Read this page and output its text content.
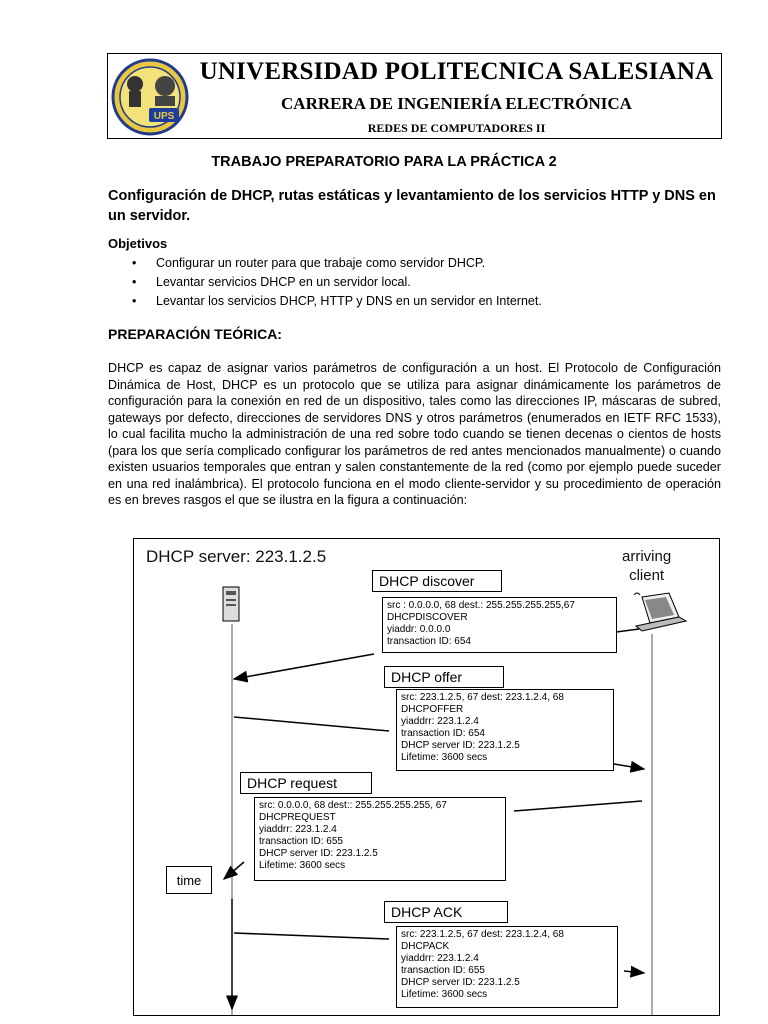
UPS
UNIVERSIDAD POLITECNICA SALESIANA
CARRERA DE INGENIERÍA ELECTRÓNICA
REDES DE COMPUTADORES II
TRABAJO PREPARATORIO PARA LA PRÁCTICA 2
Configuración de DHCP, rutas estáticas y levantamiento de los servicios HTTP y DNS en un servidor.
Objetivos
• Configurar un router para que trabaje como servidor DHCP.
• Levantar servicios DHCP en un servidor local.
• Levantar los servicios DHCP, HTTP y DNS en un servidor en Internet.
PREPARACIÓN TEÓRICA:
DHCP es capaz de asignar varios parámetros de configuración a un host. El Protocolo de Configuración Dinámica de Host, DHCP es un protocolo que se utiliza para asignar dinámicamente los parámetros de configuración para la conexión en red de un dispositivo, tales como las direcciones IP, máscaras de subred, gateways por defecto, direcciones de servidores DNS y otros parámetros (enumerados en IETF RFC 1533), lo cual facilita mucho la administración de una red sobre todo cuando se tienen decenas o cientos de hosts (para los que sería complicado configurar los parámetros de red antes mencionados manualmente) o cuando existen usuarios temporales que entran y salen constantemente de la red (como por ejemplo puede suceder en una red inalámbrica). El protocolo funciona en el modo cliente-servidor y su procedimiento de operación es en breves rasgos el que se ilustra en la figura a continuación:
DHCP server: 223.1.2.5	arriving
client
DHCP discover
src : 0.0.0.0, 68 dest.: 255.255.255.255,67
DHCPDISCOVER
yiaddr: 0.0.0.0
transaction ID: 654
DHCP offer
src: 223.1.2.5, 67 dest: 223.1.2.4, 68
DHCPOFFER
yiaddrr: 223.1.2.4
transaction ID: 654
DHCP server ID: 223.1.2.5
Lifetime: 3600 secs
DHCP request
src: 0.0.0.0, 68 dest:: 255.255.255.255, 67
DHCPREQUEST
yiaddrr: 223.1.2.4
transaction ID: 655
DHCP server ID: 223.1.2.5
Lifetime: 3600 secs
time
DHCP ACK
src: 223.1.2.5, 67 dest: 223.1.2.4, 68
DHCPACK
yiaddrr: 223.1.2.4
transaction ID: 655
DHCP server ID: 223.1.2.5
Lifetime: 3600 secs
